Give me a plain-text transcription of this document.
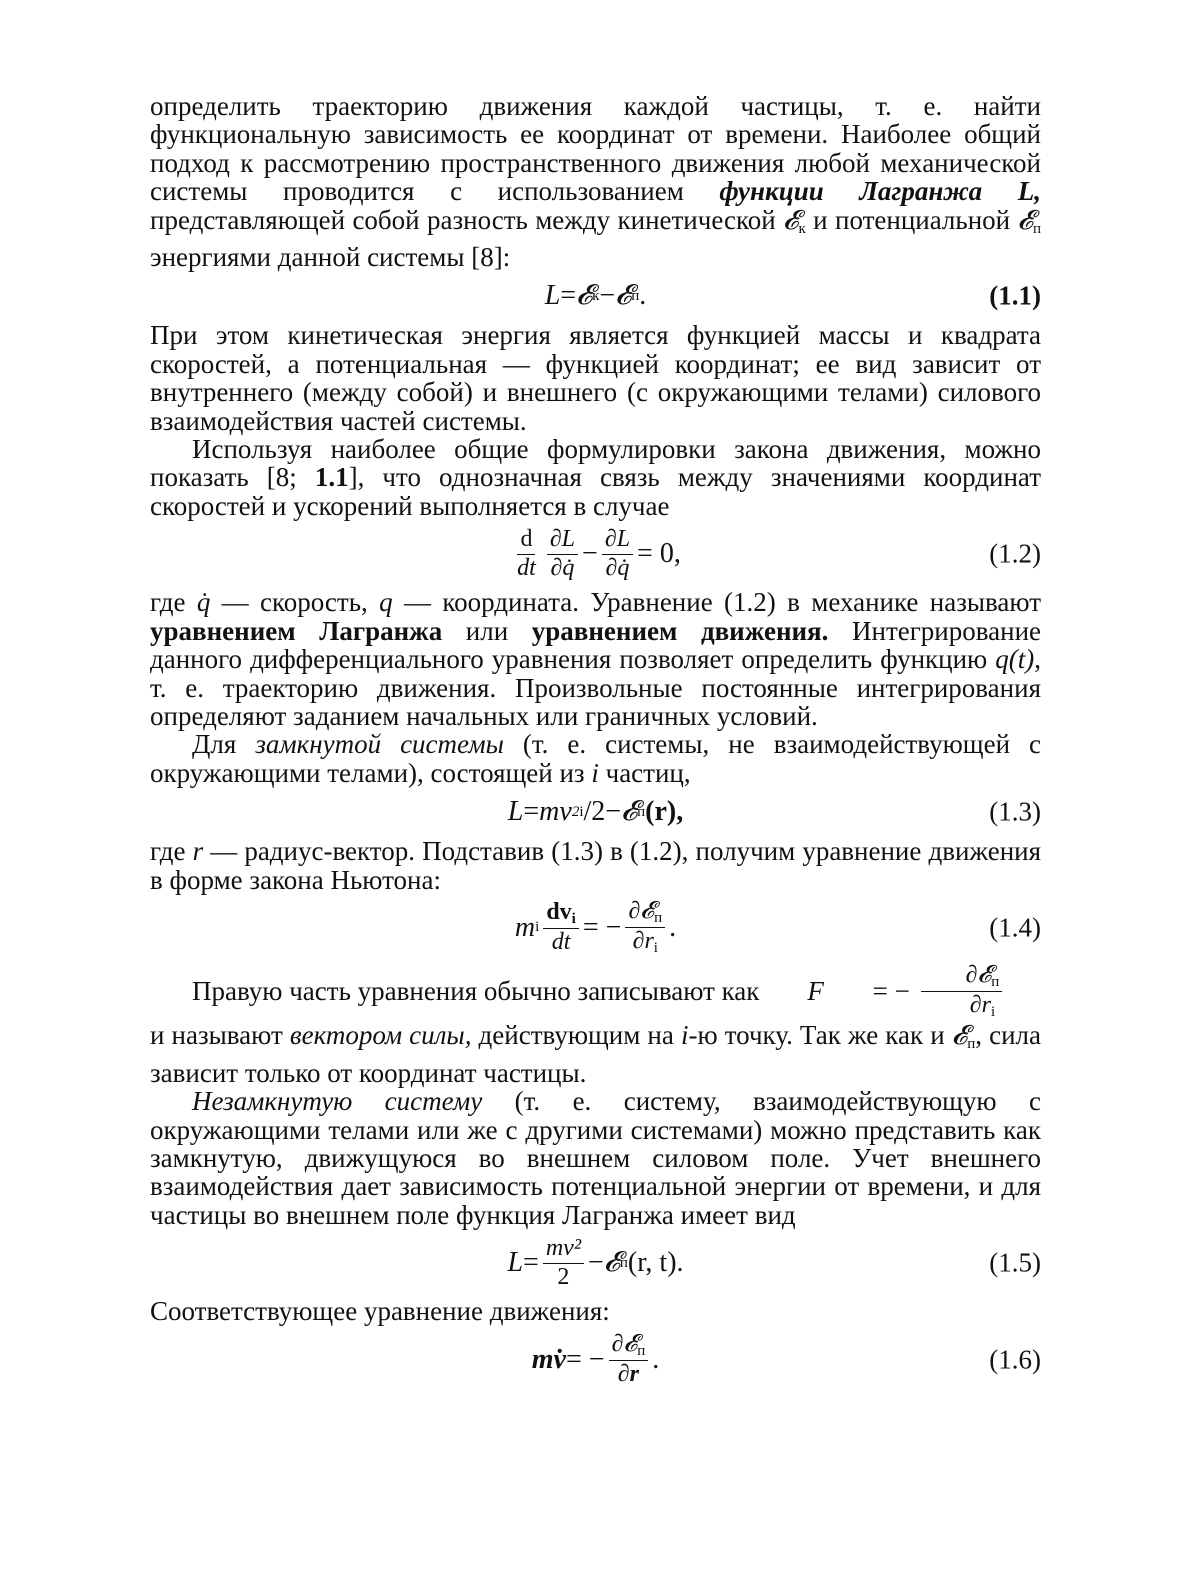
определить траекторию движения каждой частицы, т. е. найти функциональную зависимость ее координат от времени. Наиболее общий подход к рассмотрению пространственного движения любой механической системы проводится с использованием функции Лагранжа L, представляющей собой разность между кинетической 𝓔$_к$ и потенциальной 𝓔$_п$ энергиями данной системы [8]:

L = 𝓔 к − 𝓔 п .	(1.1)

При этом кинетическая энергия является функцией массы и квадрата скоростей, а потенциальная — функцией координат; ее вид зависит от внутреннего (между собой) и внешнего (с окружающими телами) силового взаимодействия частей системы.

Используя наиболее общие формулировки закона движения, можно показать [8; 1.1], что однозначная связь между значениями координат скоростей и ускорений выполняется в случае

$\frac{d}{dt} \frac{\partial L}{\partial q̇} - \frac{\partial L}{\partial q̇} = 0$,	(1.2)

где q̇ — скорость, q — координата. Уравнение (1.2) в механике называют уравнением Лагранжа или уравнением движения. Интегрирование данного дифференциального уравнения позволяет определить функцию q(t), т. е. траекторию движения. Произвольные постоянные интегрирования определяют заданием начальных или граничных условий.

Для замкнутой системы (т. е. системы, не взаимодействующей с окружающими телами), состоящей из i частиц,

L = mv 2 i /2 − 𝓔 п (r),	(1.3)

где r — радиус-вектор. Подставив (1.3) в (1.2), получим уравнение движения в форме закона Ньютона:

m i $\frac{dv_i}{dt}$ = − $\frac{\partial 𝓔_п}{\partial r_i}$ .	(1.4)
Правую часть уравнения обычно записывают как	F	= − $\frac{\partial 𝓔_п}{\partial r_i}$

и называют вектором силы, действующим на i-ю точку. Так же как и 𝓔$_п$, сила зависит только от координат частицы.

Незамкнутую систему (т. е. систему, взаимодействующую с окружающими телами или же с другими системами) можно представить как замкнутую, движущуюся во внешнем силовом поле. Учет внешнего взаимодействия дает зависимость потенциальной энергии от времени, и для частицы во внешнем поле функция Лагранжа имеет вид

$L = \frac{\text{mv²}}{2}$ − 𝓔 п (r, t).	(1.5)

Соответствующее уравнение движения:

mv̇ = − $\frac{\partial 𝓔_п}{\partial r}$ .	(1.6)
